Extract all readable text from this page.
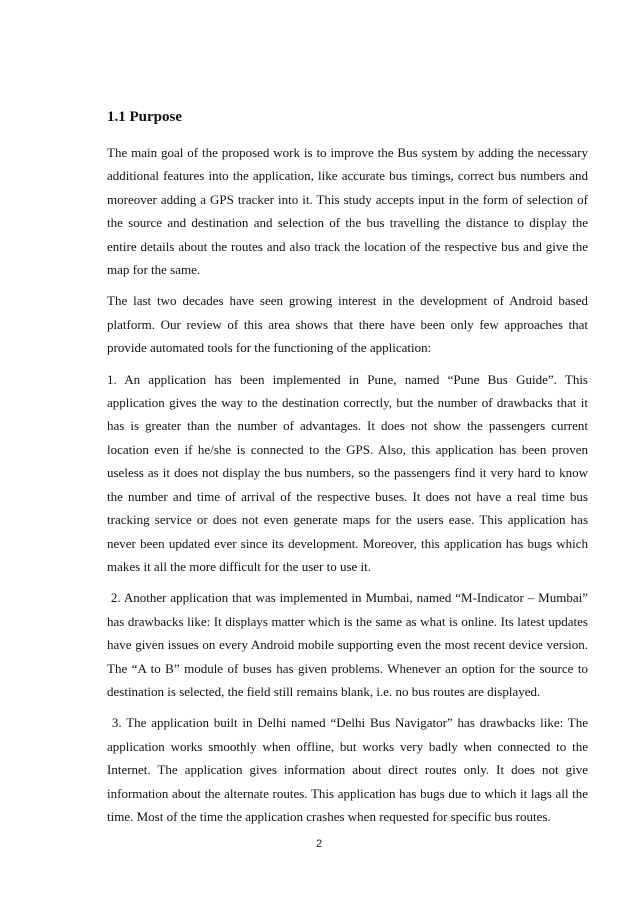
1.1 Purpose

The main goal of the proposed work is to improve the Bus system by adding the necessary additional features into the application, like accurate bus timings, correct bus numbers and moreover adding a GPS tracker into it. This study accepts input in the form of selection of the source and destination and selection of the bus travelling the distance to display the entire details about the routes and also track the location of the respective bus and give the map for the same.

The last two decades have seen growing interest in the development of Android based platform. Our review of this area shows that there have been only few approaches that provide automated tools for the functioning of the application:

1. An application has been implemented in Pune, named “Pune Bus Guide”. This application gives the way to the destination correctly, but the number of drawbacks that it has is greater than the number of advantages. It does not show the passengers current location even if he/she is connected to the GPS. Also, this application has been proven useless as it does not display the bus numbers, so the passengers find it very hard to know the number and time of arrival of the respective buses. It does not have a real time bus tracking service or does not even generate maps for the users ease. This application has never been updated ever since its development. Moreover, this application has bugs which makes it all the more difficult for the user to use it.

2. Another application that was implemented in Mumbai, named “M-Indicator – Mumbai” has drawbacks like: It displays matter which is the same as what is online. Its latest updates have given issues on every Android mobile supporting even the most recent device version. The “A to B” module of buses has given problems. Whenever an option for the source to destination is selected, the field still remains blank, i.e. no bus routes are displayed.

3. The application built in Delhi named “Delhi Bus Navigator” has drawbacks like: The application works smoothly when offline, but works very badly when connected to the Internet. The application gives information about direct routes only. It does not give information about the alternate routes. This application has bugs due to which it lags all the time. Most of the time the application crashes when requested for specific bus routes.

2
